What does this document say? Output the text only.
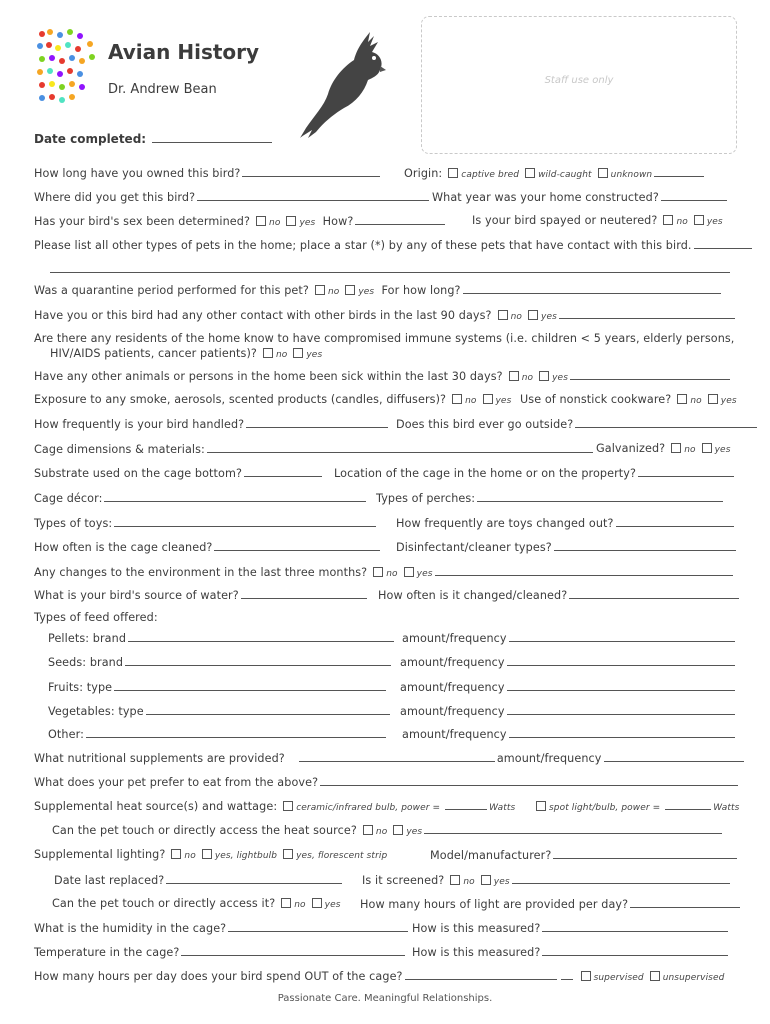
Avian History
Dr. Andrew Bean
Staff use only
Date completed:
How long have you owned this bird?	Origin: captive bred wild-caught unknown
Where did you get this bird?	What year was your home constructed?
Has your bird's sex been determined? no yes How?	Is your bird spayed or neutered? no yes
Please list all other types of pets in the home; place a star (*) by any of these pets that have contact with this bird.
Was a quarantine period performed for this pet? no yes For how long?
Have you or this bird had any other contact with other birds in the last 90 days? no yes
Are there any residents of the home know to have compromised immune systems (i.e. children < 5 years, elderly persons,
HIV/AIDS patients, cancer patients)? no yes
Have any other animals or persons in the home been sick within the last 30 days? no yes
Exposure to any smoke, aerosols, scented products (candles, diffusers)? no yes Use of nonstick cookware? no yes
How frequently is your bird handled?	Does this bird ever go outside?
Cage dimensions & materials:	Galvanized? no yes
Substrate used on the cage bottom?	Location of the cage in the home or on the property?
Cage décor:	Types of perches:
Types of toys:	How frequently are toys changed out?
How often is the cage cleaned?	Disinfectant/cleaner types?
Any changes to the environment in the last three months? no yes
What is your bird's source of water?	How often is it changed/cleaned?
Types of feed offered:
Pellets: brand	amount/frequency
Seeds: brand	amount/frequency
Fruits: type	amount/frequency
Vegetables: type	amount/frequency
Other:	amount/frequency
What nutritional supplements are provided?	amount/frequency
What does your pet prefer to eat from the above?
Supplemental heat source(s) and wattage: ceramic/infrared bulb, power =	Watts	spot light/bulb, power =	Watts
Can the pet touch or directly access the heat source? no yes
Supplemental lighting? no yes, lightbulb yes, florescent strip	Model/manufacturer?
Date last replaced?	Is it screened? no yes
Can the pet touch or directly access it? no yes How many hours of light are provided per day?
What is the humidity in the cage?	How is this measured?
Temperature in the cage?	How is this measured?
How many hours per day does your bird spend OUT of the cage?	supervised unsupervised
Passionate Care. Meaningful Relationships.
